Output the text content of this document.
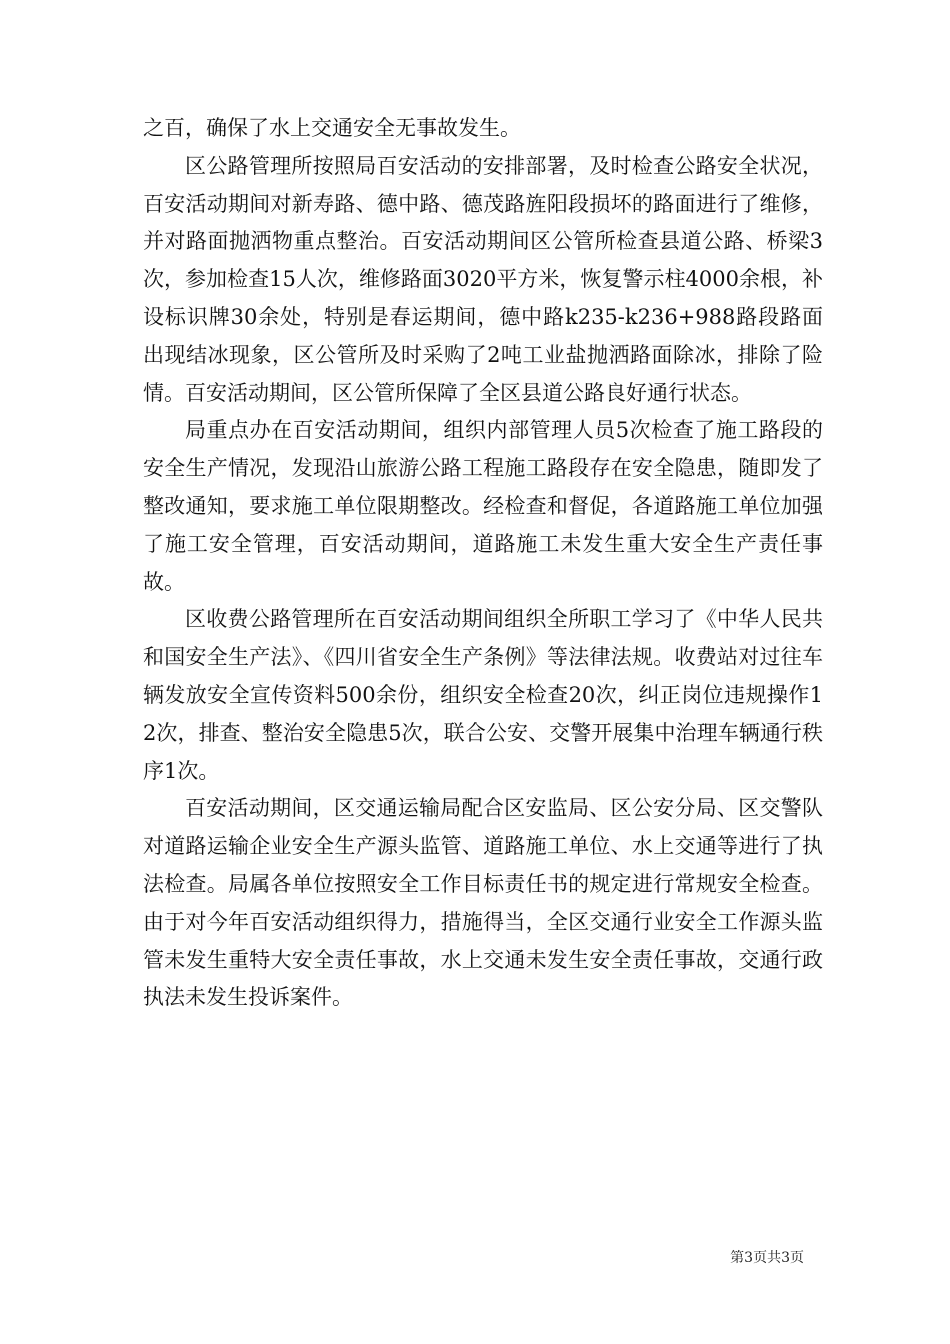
之百，确保了水上交通安全无事故发生。

区公路管理所按照局百安活动的安排部署，及时检查公路安全状况，百安活动期间对新寿路、德中路、德茂路旌阳段损坏的路面进行了维修，并对路面抛洒物重点整治。百安活动期间区公管所检查县道公路、桥梁3次，参加检查15人次，维修路面3020平方米，恢复警示柱4000余根，补设标识牌30余处，特别是春运期间，德中路k235-k236+988路段路面出现结冰现象，区公管所及时采购了2吨工业盐抛洒路面除冰，排除了险情。百安活动期间，区公管所保障了全区县道公路良好通行状态。

局重点办在百安活动期间，组织内部管理人员5次检查了施工路段的安全生产情况，发现沿山旅游公路工程施工路段存在安全隐患，随即发了整改通知，要求施工单位限期整改。经检查和督促，各道路施工单位加强了施工安全管理，百安活动期间，道路施工未发生重大安全生产责任事故。

区收费公路管理所在百安活动期间组织全所职工学习了《中华人民共和国安全生产法》、《四川省安全生产条例》等法律法规。收费站对过往车辆发放安全宣传资料500余份，组织安全检查20次，纠正岗位违规操作12次，排查、整治安全隐患5次，联合公安、交警开展集中治理车辆通行秩序1次。

百安活动期间，区交通运输局配合区安监局、区公安分局、区交警队对道路运输企业安全生产源头监管、道路施工单位、水上交通等进行了执法检查。局属各单位按照安全工作目标责任书的规定进行常规安全检查。由于对今年百安活动组织得力，措施得当，全区交通行业安全工作源头监管未发生重特大安全责任事故，水上交通未发生安全责任事故，交通行政执法未发生投诉案件。

第3页共3页
